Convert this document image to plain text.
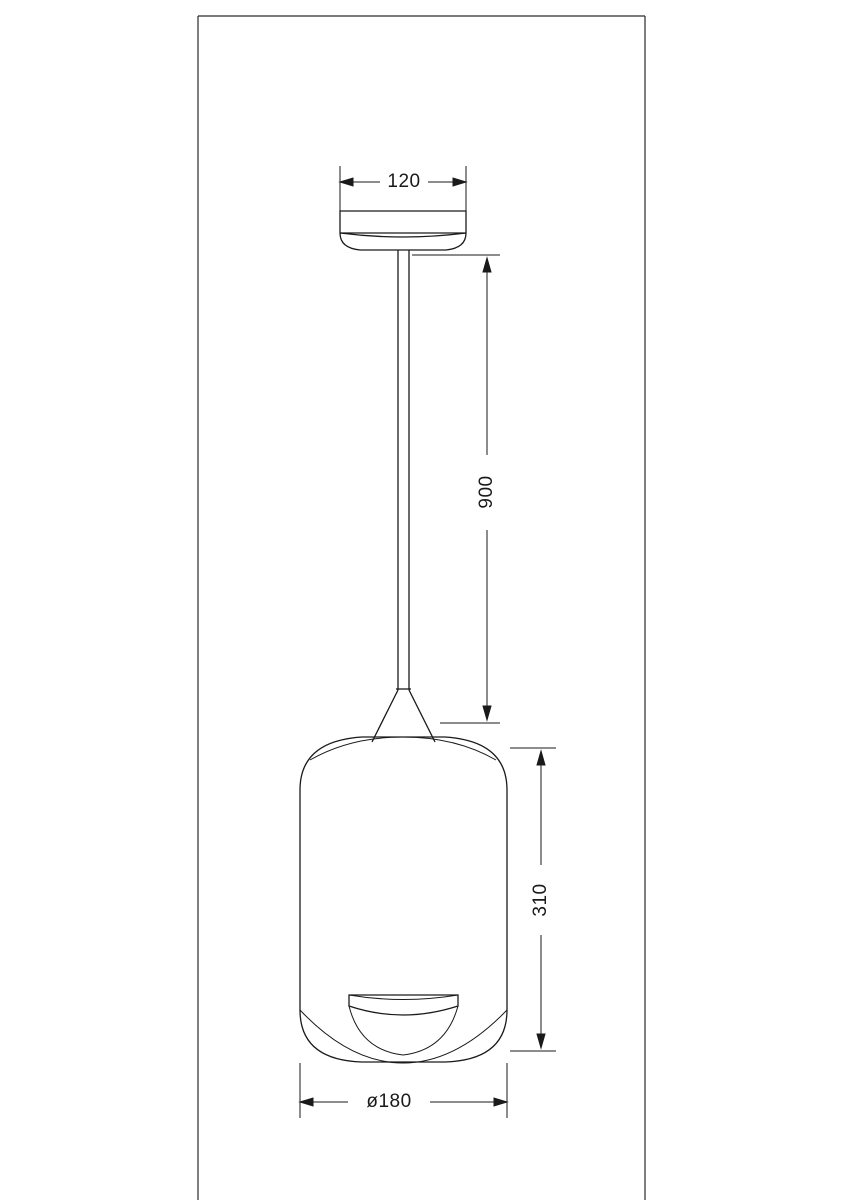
120
900
310
ø180
